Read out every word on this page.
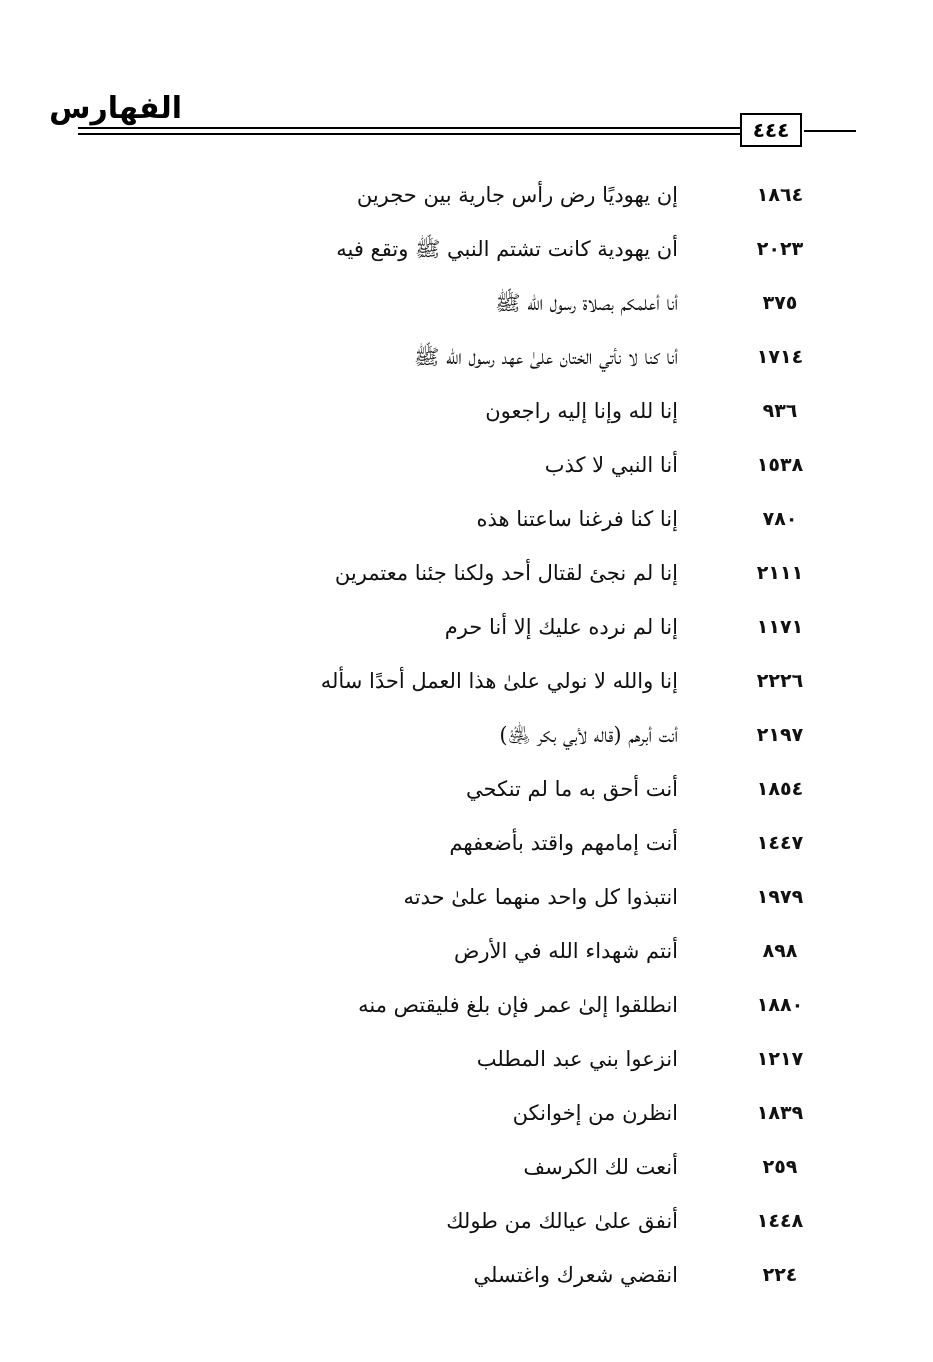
الفهارس
٤٤٤
١٨٦٤
إن يهوديًا رض رأس جارية بين حجرين
٢٠٢٣
أن يهودية كانت تشتم النبي ﷺ وتقع فيه
٣٧٥
أنا أعلمكم بصلاة رسول الله ﷺ
١٧١٤
أنا كنا لا نأتي الختان علىٰ عهد رسول الله ﷺ
٩٣٦
إنا لله وإنا إليه راجعون
١٥٣٨
أنا النبي لا كذب
٧٨٠
إنا كنا فرغنا ساعتنا هذه
٢١١١
إنا لم نجئ لقتال أحد ولكنا جئنا معتمرين
١١٧١
إنا لم نرده عليك إلا أنا حرم
٢٢٢٦
إنا والله لا نولي علىٰ هذا العمل أحدًا سأله
٢١٩٧
أنت أبرهم (قاله لأبي بكر ﵁)
١٨٥٤
أنت أحق به ما لم تنكحي
١٤٤٧
أنت إمامهم واقتد بأضعفهم
١٩٧٩
انتبذوا كل واحد منهما علىٰ حدته
٨٩٨
أنتم شهداء الله في الأرض
١٨٨٠
انطلقوا إلىٰ عمر فإن بلغ فليقتص منه
١٢١٧
انزعوا بني عبد المطلب
١٨٣٩
انظرن من إخوانكن
٢٥٩
أنعت لك الكرسف
١٤٤٨
أنفق علىٰ عيالك من طولك
٢٢٤
انقضي شعرك واغتسلي
